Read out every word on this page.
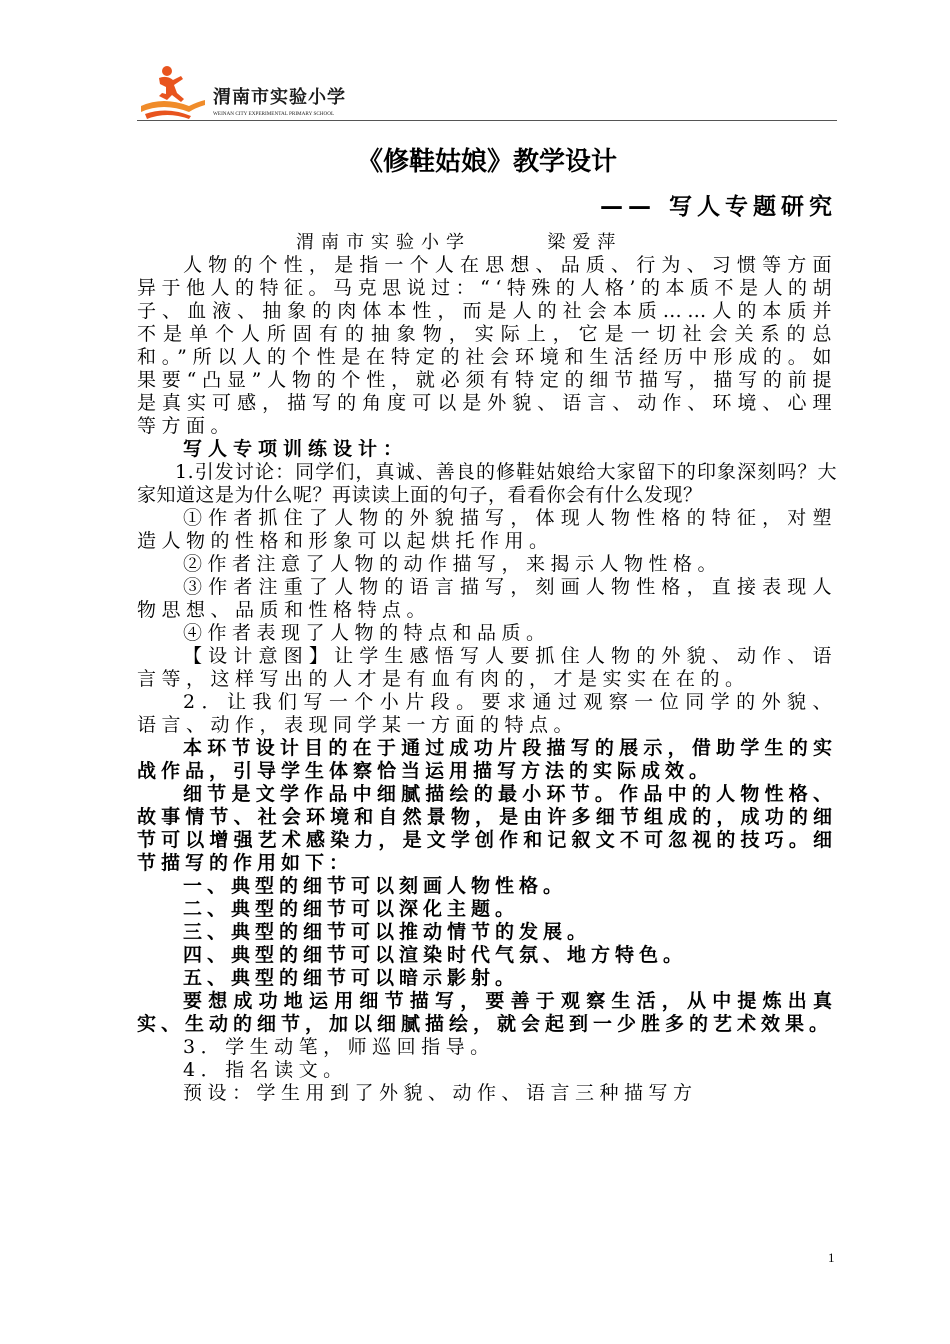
渭南市实验小学
WEINAN CITY EXPERIMENTAL PRIMARY SCHOOL
《修鞋姑娘》教学设计
—— 写人专题研究
渭南市实验小学      梁爱萍

人物的个性，是指一个人在思想、品质、行为、习惯等方面异于他人的特征。马克思说过：“‘特殊的人格’的本质不是人的胡子、血液、抽象的肉体本性，而是人的社会本质……人的本质并不是单个人所固有的抽象物，实际上，它是一切社会关系的总和。”所以人的个性是在特定的社会环境和生活经历中形成的。如果要“凸显”人物的个性，就必须有特定的细节描写，描写的前提是真实可感，描写的角度可以是外貌、语言、动作、环境、心理等方面。

写人专项训练设计：

1.引发讨论：同学们，真诚、善良的修鞋姑娘给大家留下的印象深刻吗？大家知道这是为什么呢？再读读上面的句子，看看你会有什么发现？

①作者抓住了人物的外貌描写，体现人物性格的特征，对塑造人物的性格和形象可以起烘托作用。

②作者注意了人物的动作描写，来揭示人物性格。

③作者注重了人物的语言描写，刻画人物性格，直接表现人物思想、品质和性格特点。

④作者表现了人物的特点和品质。

【设计意图】让学生感悟写人要抓住人物的外貌、动作、语言等，这样写出的人才是有血有肉的，才是实实在在的。

2．让我们写一个小片段。要求通过观察一位同学的外貌、语言、动作，表现同学某一方面的特点。

本环节设计目的在于通过成功片段描写的展示，借助学生的实战作品，引导学生体察恰当运用描写方法的实际成效。

细节是文学作品中细腻描绘的最小环节。作品中的人物性格、故事情节、社会环境和自然景物，是由许多细节组成的，成功的细节可以增强艺术感染力，是文学创作和记叙文不可忽视的技巧。细节描写的作用如下：

一、典型的细节可以刻画人物性格。

二、典型的细节可以深化主题。

三、典型的细节可以推动情节的发展。

四、典型的细节可以渲染时代气氛、地方特色。

五、典型的细节可以暗示影射。

要想成功地运用细节描写，要善于观察生活，从中提炼出真实、生动的细节，加以细腻描绘，就会起到一少胜多的艺术效果。

3．学生动笔，师巡回指导。

4．指名读文。

预设：学生用到了外貌、动作、语言三种描写方

1
